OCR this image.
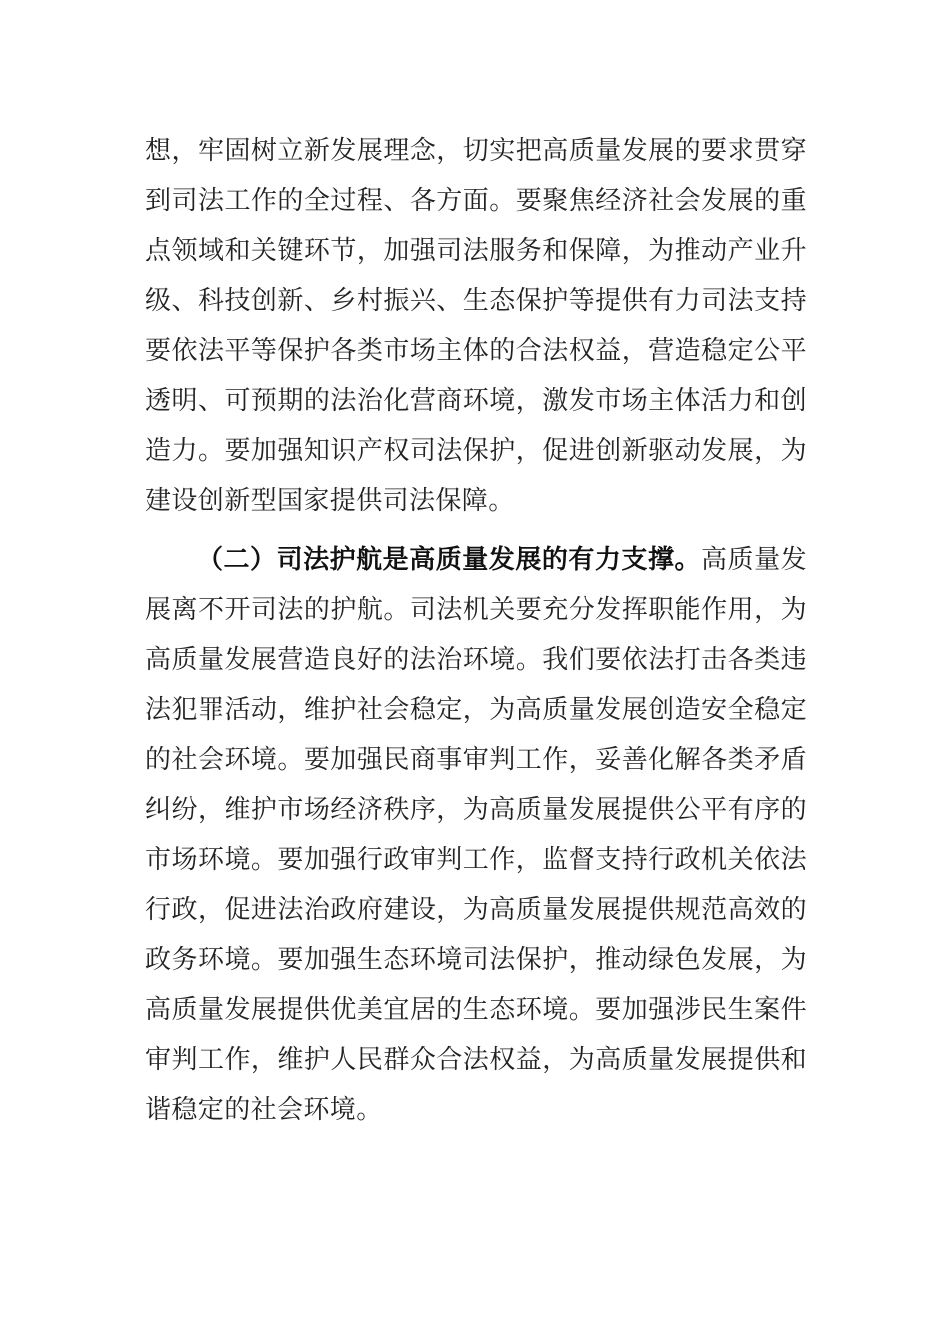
想，牢固树立新发展理念，切实把高质量发展的要求贯穿到司法工作的全过程、各方面。要聚焦经济社会发展的重点领域和关键环节，加强司法服务和保障，为推动产业升级、科技创新、乡村振兴、生态保护等提供有力司法支持要依法平等保护各类市场主体的合法权益，营造稳定公平透明、可预期的法治化营商环境，激发市场主体活力和创造力。要加强知识产权司法保护，促进创新驱动发展，为建设创新型国家提供司法保障。

（二）司法护航是高质量发展的有力支撑。高质量发展离不开司法的护航。司法机关要充分发挥职能作用，为高质量发展营造良好的法治环境。我们要依法打击各类违法犯罪活动，维护社会稳定，为高质量发展创造安全稳定的社会环境。要加强民商事审判工作，妥善化解各类矛盾纠纷，维护市场经济秩序，为高质量发展提供公平有序的市场环境。要加强行政审判工作，监督支持行政机关依法行政，促进法治政府建设，为高质量发展提供规范高效的政务环境。要加强生态环境司法保护，推动绿色发展，为高质量发展提供优美宜居的生态环境。要加强涉民生案件审判工作，维护人民群众合法权益，为高质量发展提供和谐稳定的社会环境。
